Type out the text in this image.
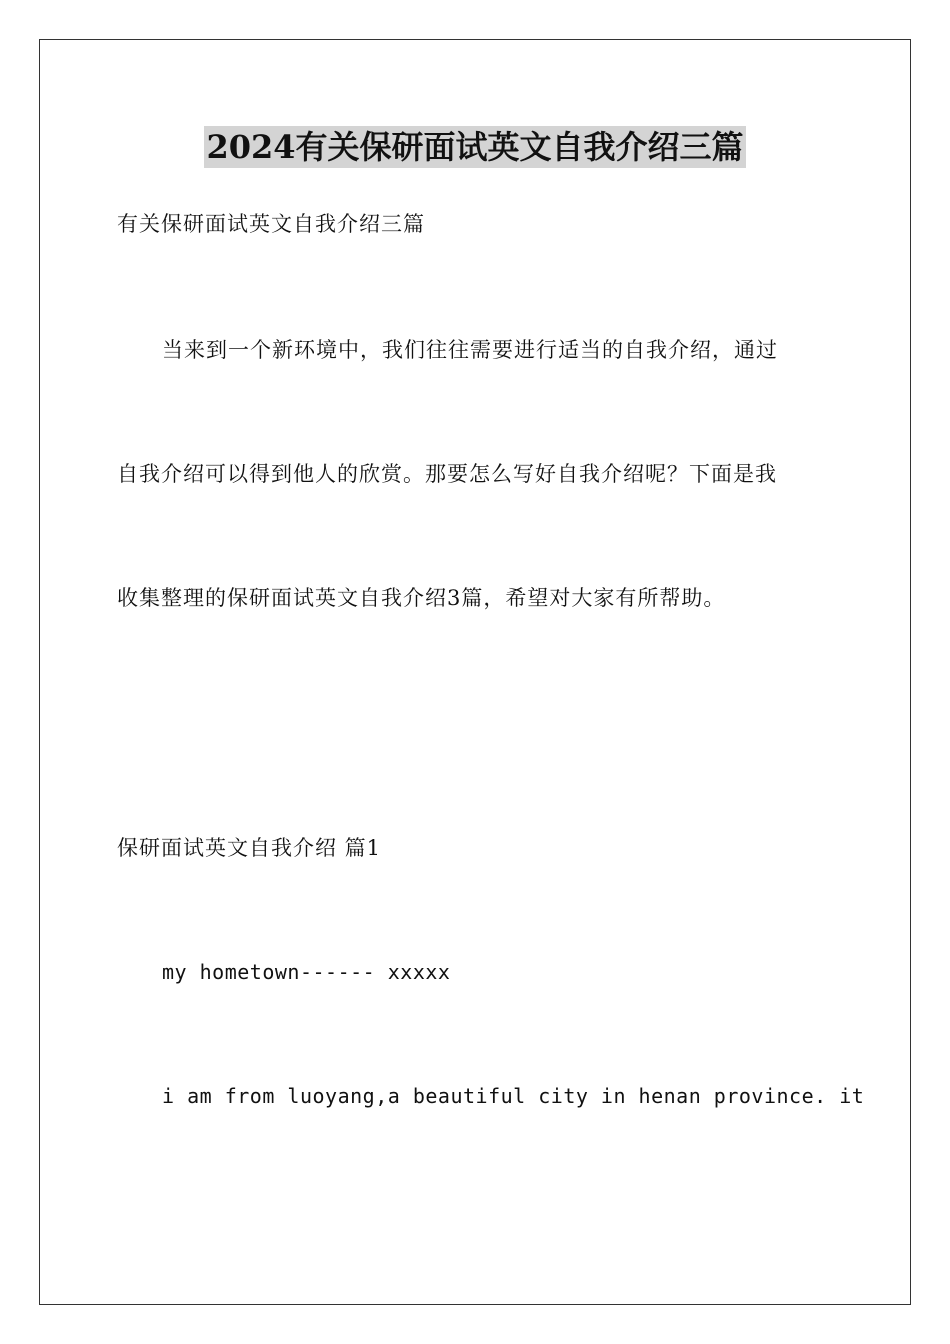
2024有关保研面试英文自我介绍三篇
有关保研面试英文自我介绍三篇
当来到一个新环境中，我们往往需要进行适当的自我介绍，通过
自我介绍可以得到他人的欣赏。那要怎么写好自我介绍呢？下面是我
收集整理的保研面试英文自我介绍3篇，希望对大家有所帮助。
保研面试英文自我介绍 篇1
my hometown------ xxxxx
i am from luoyang,a beautiful city in henan province. it
